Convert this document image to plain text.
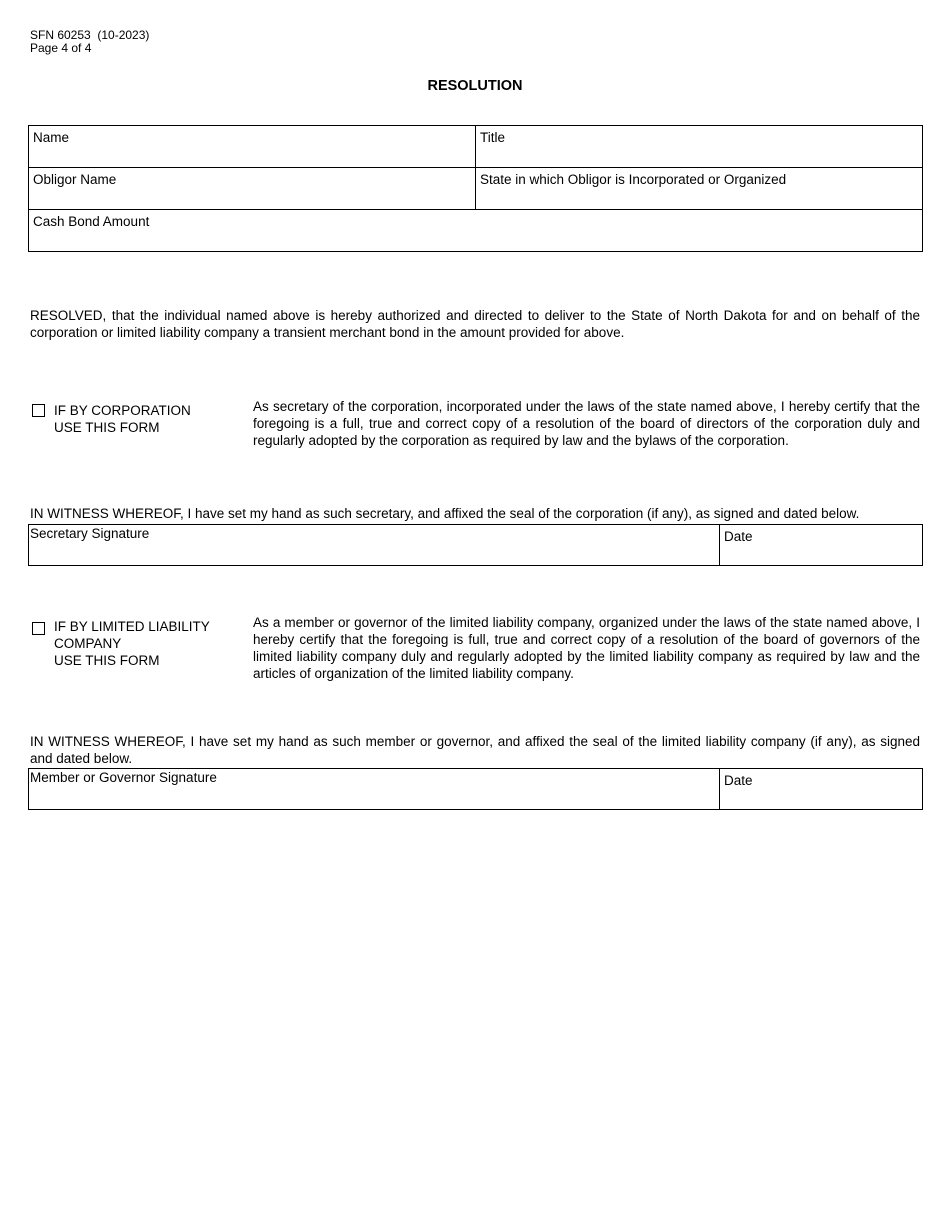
SFN 60253  (10-2023)
Page 4 of 4
RESOLUTION
Name	Title
Obligor Name	State in which Obligor is Incorporated or Organized
Cash Bond Amount
RESOLVED, that the individual named above is hereby authorized and directed to deliver to the State of North Dakota for and on behalf of the corporation or limited liability company a transient merchant bond in the amount provided for above.
IF BY CORPORATION
USE THIS FORM
As secretary of the corporation, incorporated under the laws of the state named above, I hereby certify that the foregoing is a full, true and correct copy of a resolution of the board of directors of the corporation duly and regularly adopted by the corporation as required by law and the bylaws of the corporation.
IN WITNESS WHEREOF, I have set my hand as such secretary, and affixed the seal of the corporation (if any), as signed and dated below.
Secretary Signature	Date
IF BY LIMITED LIABILITY
COMPANY
USE THIS FORM
As a member or governor of the limited liability company, organized under the laws of the state named above, I hereby certify that the foregoing is full, true and correct copy of a resolution of the board of governors of the limited liability company duly and regularly adopted by the limited liability company as required by law and the articles of organization of the limited liability company.
IN WITNESS WHEREOF, I have set my hand as such member or governor, and affixed the seal of the limited liability company (if any), as signed and dated below.
Member or Governor Signature	Date
